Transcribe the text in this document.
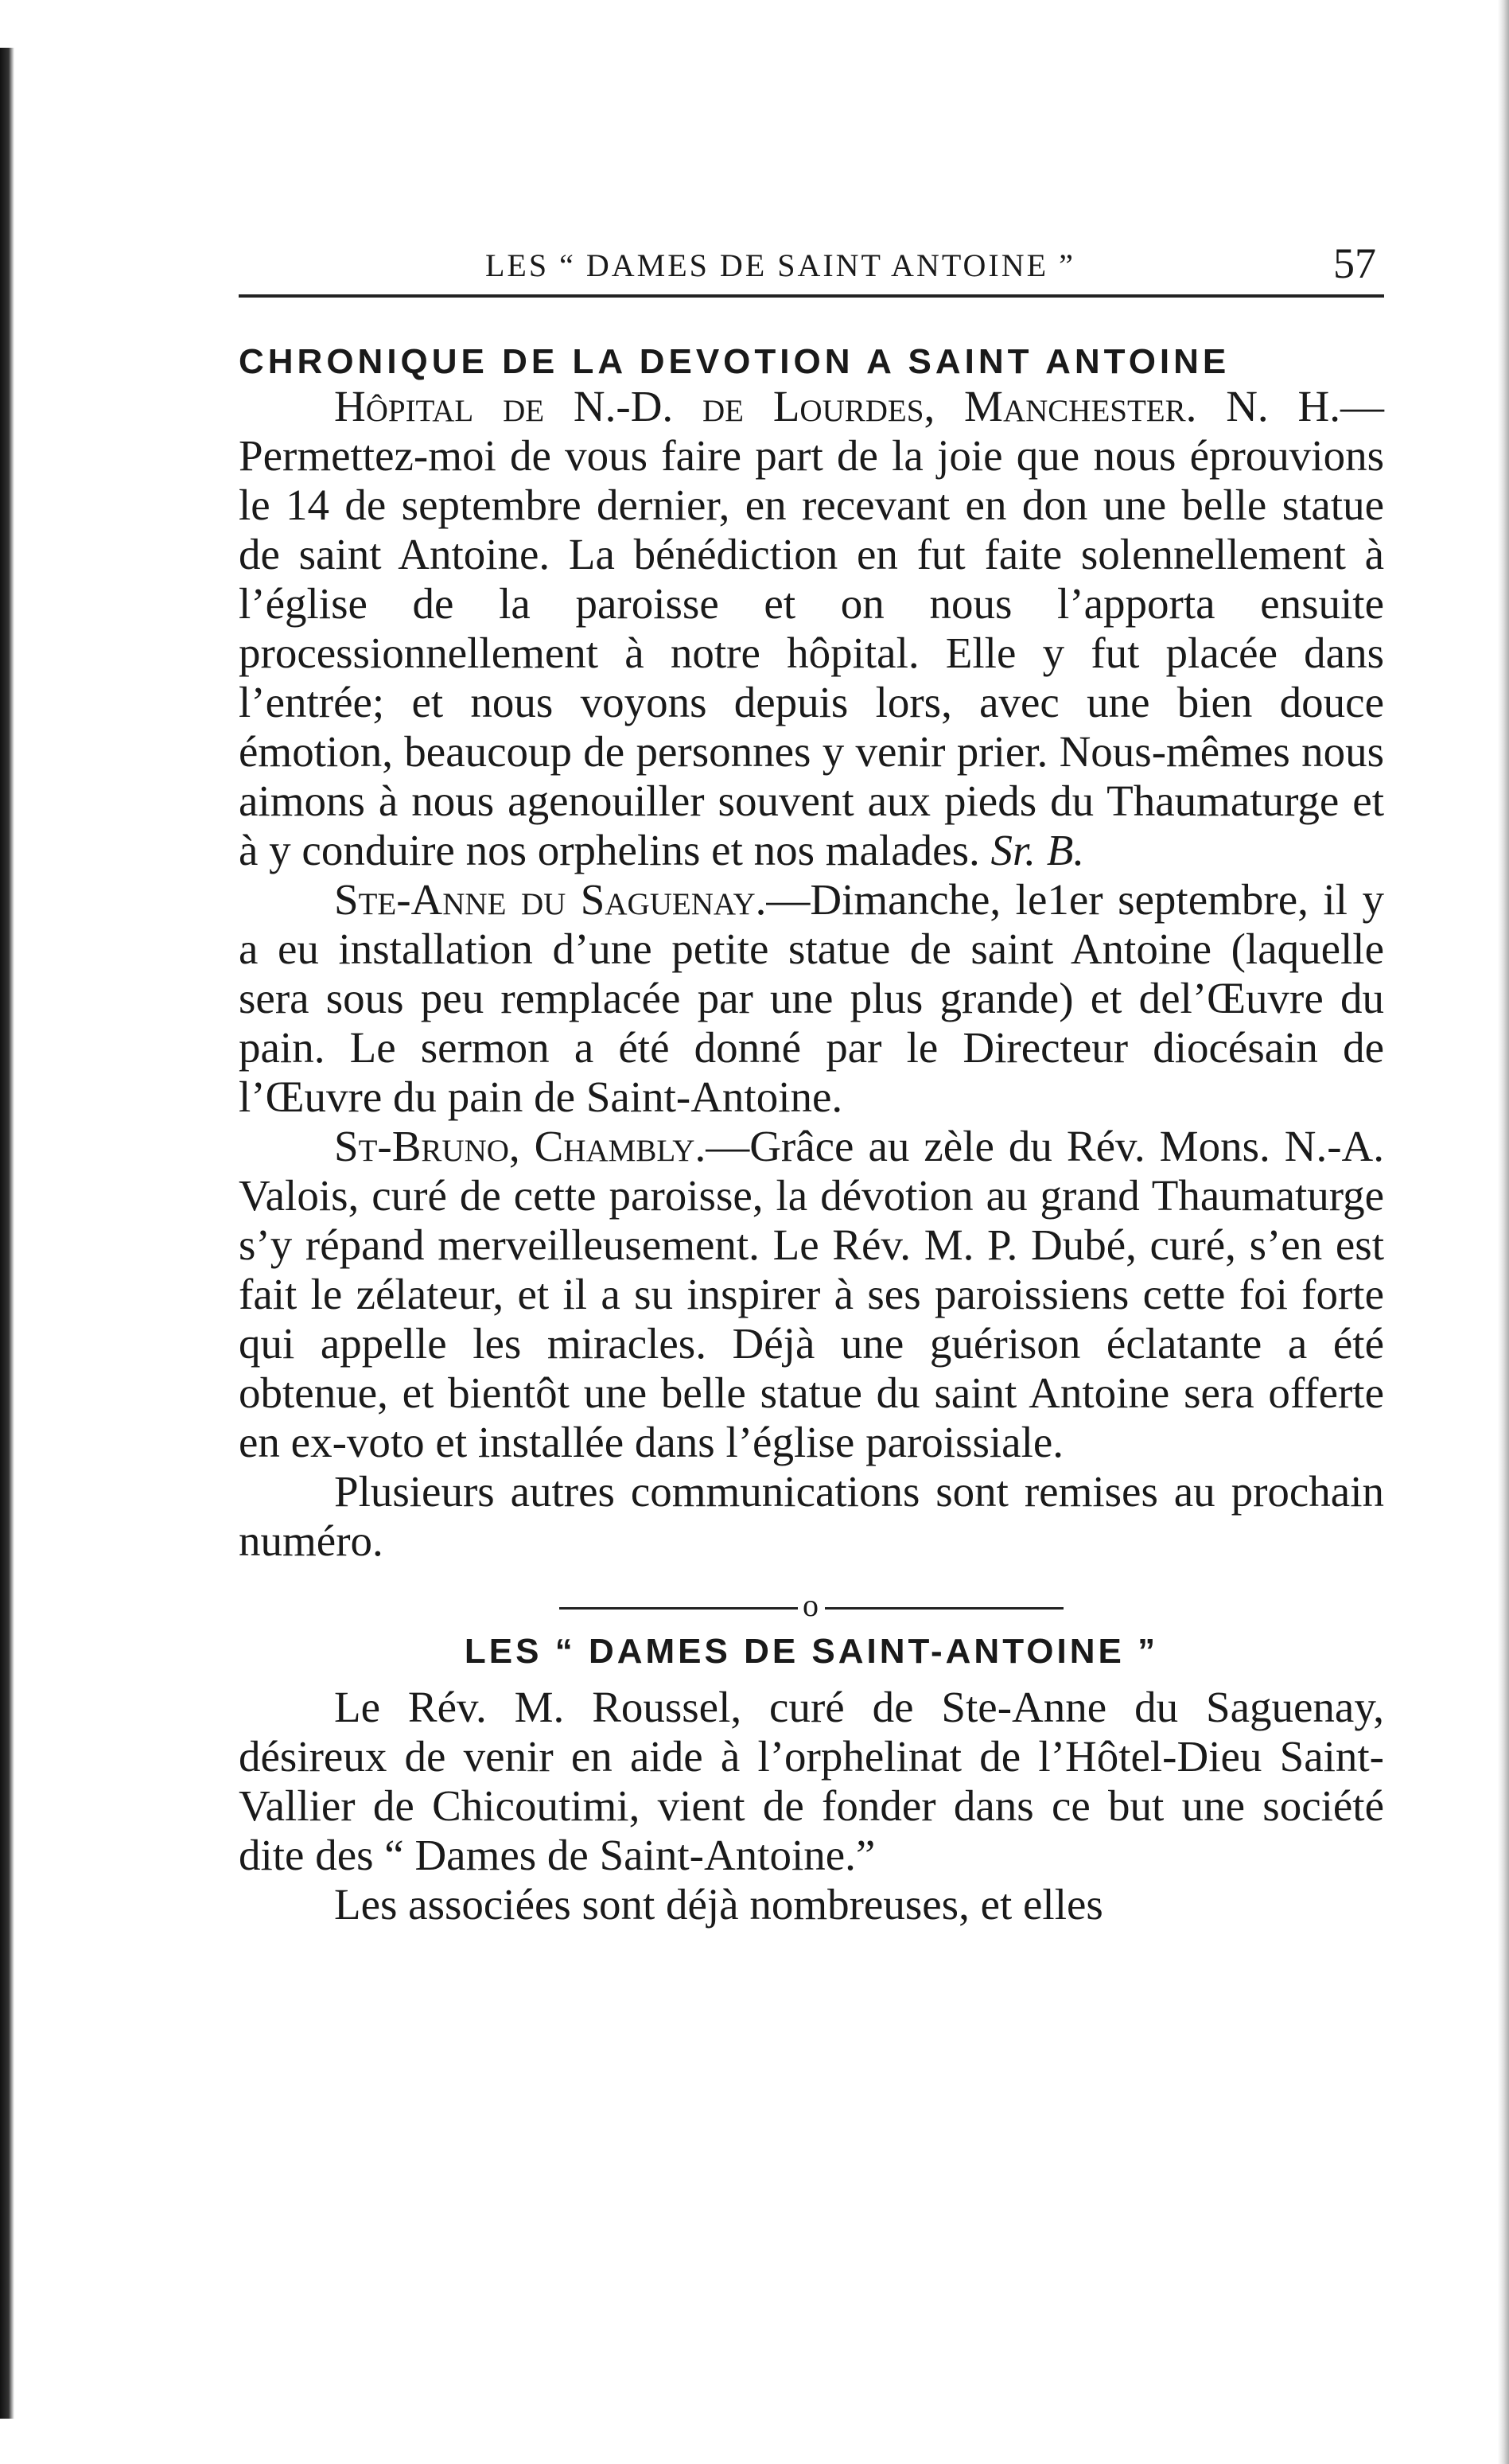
LES “ DAMES DE SAINT ANTOINE ”	57
CHRONIQUE DE LA DEVOTION A SAINT ANTOINE

Hôpital de N.-D. de Lourdes, Manchester. N. H.—Permettez-moi de vous faire part de la joie que nous éprouvions le 14 de septembre dernier, en recevant en don une belle statue de saint Antoine. La bénédiction en fut faite solennellement à l’église de la paroisse et on nous l’apporta ensuite processionnellement à notre hôpital. Elle y fut placée dans l’entrée; et nous voyons depuis lors, avec une bien douce émotion, beaucoup de personnes y venir prier. Nous-mêmes nous aimons à nous agenouiller souvent aux pieds du Thaumaturge et à y conduire nos orphelins et nos malades. Sr. B.

Ste-Anne du Saguenay.—Dimanche, le1er septembre, il y a eu installation d’une petite statue de saint Antoine (laquelle sera sous peu remplacée par une plus grande) et del’Œuvre du pain. Le sermon a été donné par le Directeur diocésain de l’Œuvre du pain de Saint-Antoine.

St-Bruno, Chambly.—Grâce au zèle du Rév. Mons. N.-A. Valois, curé de cette paroisse, la dévotion au grand Thaumaturge s’y répand merveilleusement. Le Rév. M. P. Dubé, curé, s’en est fait le zélateur, et il a su inspirer à ses paroissiens cette foi forte qui appelle les miracles. Déjà une guérison éclatante a été obtenue, et bientôt une belle statue du saint Antoine sera offerte en ex-voto et installée dans l’église paroissiale.

Plusieurs autres communications sont remises au prochain numéro.

o
LES “ DAMES DE SAINT-ANTOINE ”

Le Rév. M. Roussel, curé de Ste-Anne du Saguenay, désireux de venir en aide à l’orphelinat de l’Hôtel-Dieu Saint-Vallier de Chicoutimi, vient de fonder dans ce but une société dite des “ Dames de Saint-Antoine.”

Les associées sont déjà nombreuses, et elles
